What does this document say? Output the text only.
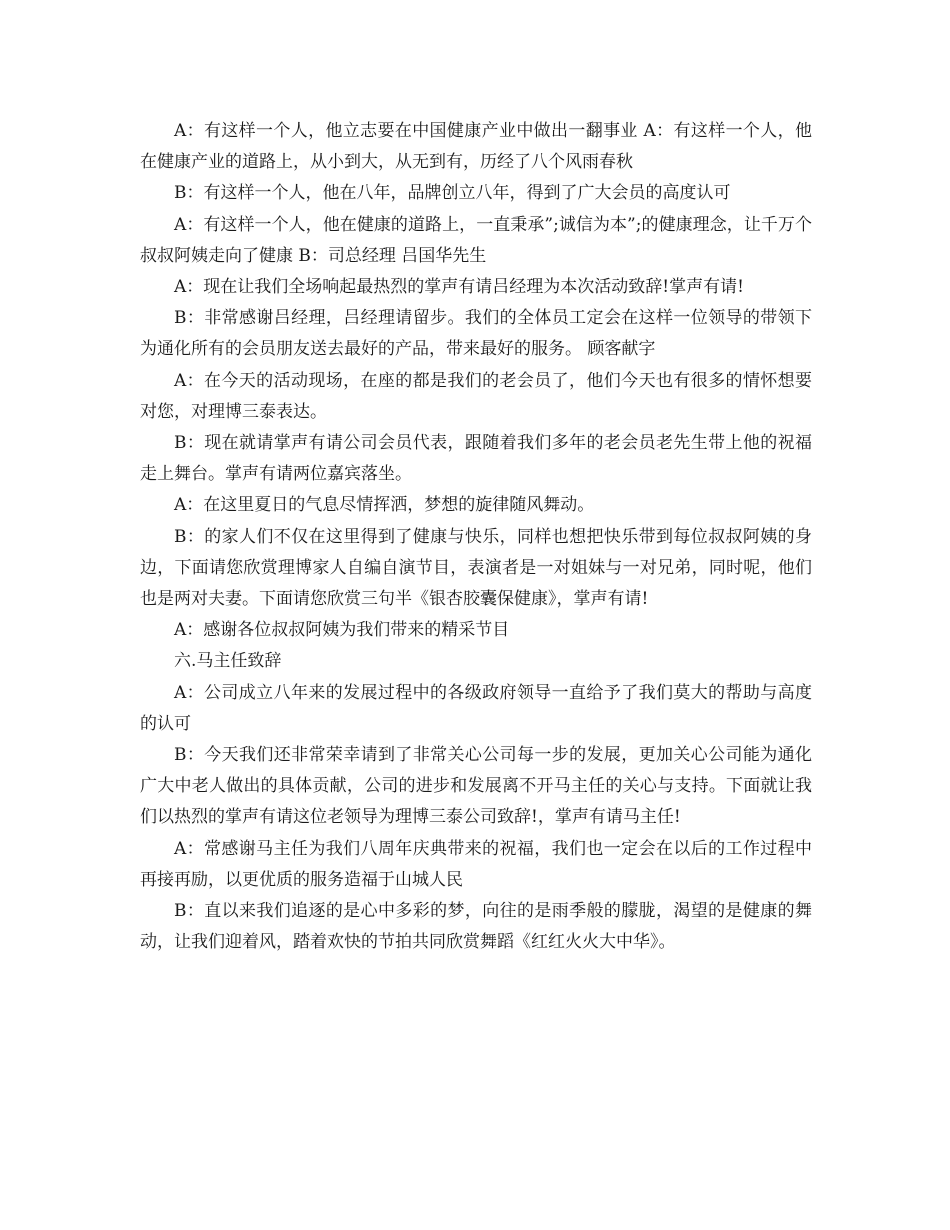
A：有这样一个人，他立志要在中国健康产业中做出一翻事业 A：有这样一个人，他在健康产业的道路上，从小到大，从无到有，历经了八个风雨春秋

B：有这样一个人，他在八年，品牌创立八年，得到了广大会员的高度认可

A：有这样一个人，他在健康的道路上，一直秉承”;诚信为本”;的健康理念，让千万个叔叔阿姨走向了健康 B：司总经理 吕国华先生

A：现在让我们全场响起最热烈的掌声有请吕经理为本次活动致辞!掌声有请!

B：非常感谢吕经理，吕经理请留步。我们的全体员工定会在这样一位领导的带领下为通化所有的会员朋友送去最好的产品，带来最好的服务。 顾客献字

A：在今天的活动现场，在座的都是我们的老会员了，他们今天也有很多的情怀想要对您，对理博三泰表达。

B：现在就请掌声有请公司会员代表，跟随着我们多年的老会员老先生带上他的祝福走上舞台。掌声有请两位嘉宾落坐。

A：在这里夏日的气息尽情挥洒，梦想的旋律随风舞动。

B：的家人们不仅在这里得到了健康与快乐，同样也想把快乐带到每位叔叔阿姨的身边，下面请您欣赏理博家人自编自演节目，表演者是一对姐妹与一对兄弟，同时呢，他们也是两对夫妻。下面请您欣赏三句半《银杏胶囊保健康》，掌声有请!

A：感谢各位叔叔阿姨为我们带来的精采节目

六.马主任致辞

A：公司成立八年来的发展过程中的各级政府领导一直给予了我们莫大的帮助与高度的认可

B：今天我们还非常荣幸请到了非常关心公司每一步的发展，更加关心公司能为通化广大中老人做出的具体贡献，公司的进步和发展离不开马主任的关心与支持。下面就让我们以热烈的掌声有请这位老领导为理博三泰公司致辞!，掌声有请马主任!

A：常感谢马主任为我们八周年庆典带来的祝福，我们也一定会在以后的工作过程中再接再励，以更优质的服务造福于山城人民

B：直以来我们追逐的是心中多彩的梦，向往的是雨季般的朦胧，渴望的是健康的舞动，让我们迎着风，踏着欢快的节拍共同欣赏舞蹈《红红火火大中华》。
